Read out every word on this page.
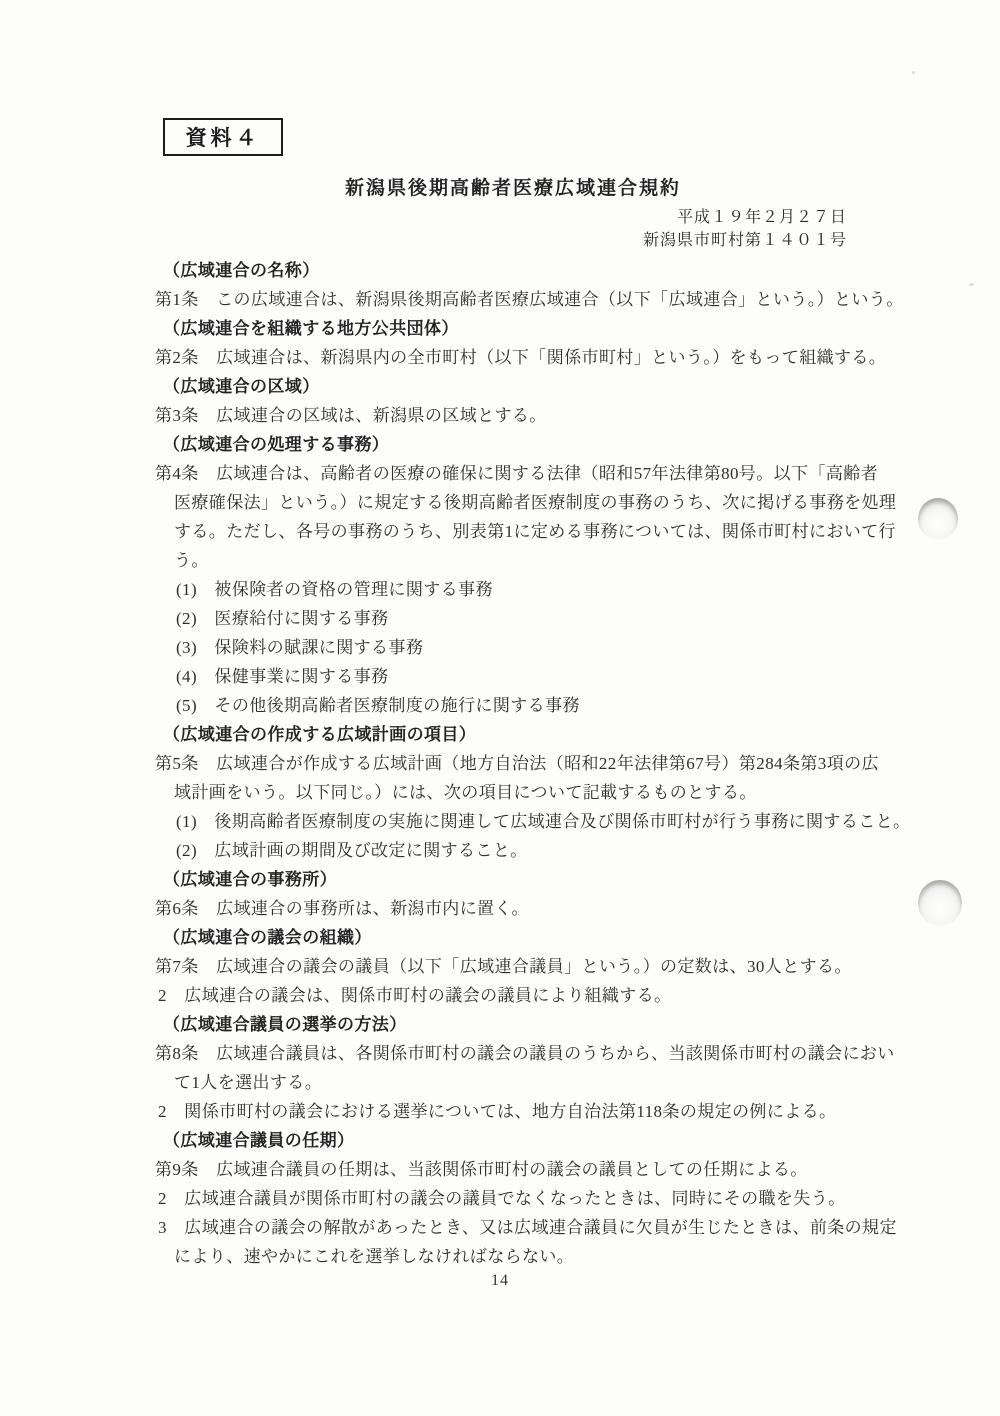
資料４
新潟県後期高齢者医療広域連合規約
平成１９年２月２７日
新潟県市町村第１４０１号
（広域連合の名称）
第1条　この広域連合は、新潟県後期高齢者医療広域連合（以下「広域連合」という。）という。
（広域連合を組織する地方公共団体）
第2条　広域連合は、新潟県内の全市町村（以下「関係市町村」という。）をもって組織する。
（広域連合の区域）
第3条　広域連合の区域は、新潟県の区域とする。
（広域連合の処理する事務）
第4条　広域連合は、高齢者の医療の確保に関する法律（昭和57年法律第80号。以下「高齢者
医療確保法」という。）に規定する後期高齢者医療制度の事務のうち、次に掲げる事務を処理
する。ただし、各号の事務のうち、別表第1に定める事務については、関係市町村において行
う。
(1)　被保険者の資格の管理に関する事務
(2)　医療給付に関する事務
(3)　保険料の賦課に関する事務
(4)　保健事業に関する事務
(5)　その他後期高齢者医療制度の施行に関する事務
（広域連合の作成する広域計画の項目）
第5条　広域連合が作成する広域計画（地方自治法（昭和22年法律第67号）第284条第3項の広
域計画をいう。以下同じ。）には、次の項目について記載するものとする。
(1)　後期高齢者医療制度の実施に関連して広域連合及び関係市町村が行う事務に関すること。
(2)　広域計画の期間及び改定に関すること。
（広域連合の事務所）
第6条　広域連合の事務所は、新潟市内に置く。
（広域連合の議会の組織）
第7条　広域連合の議会の議員（以下「広域連合議員」という。）の定数は、30人とする。
2　広域連合の議会は、関係市町村の議会の議員により組織する。
（広域連合議員の選挙の方法）
第8条　広域連合議員は、各関係市町村の議会の議員のうちから、当該関係市町村の議会におい
て1人を選出する。
2　関係市町村の議会における選挙については、地方自治法第118条の規定の例による。
（広域連合議員の任期）
第9条　広域連合議員の任期は、当該関係市町村の議会の議員としての任期による。
2　広域連合議員が関係市町村の議会の議員でなくなったときは、同時にその職を失う。
3　広域連合の議会の解散があったとき、又は広域連合議員に欠員が生じたときは、前条の規定
により、速やかにこれを選挙しなければならない。
14
